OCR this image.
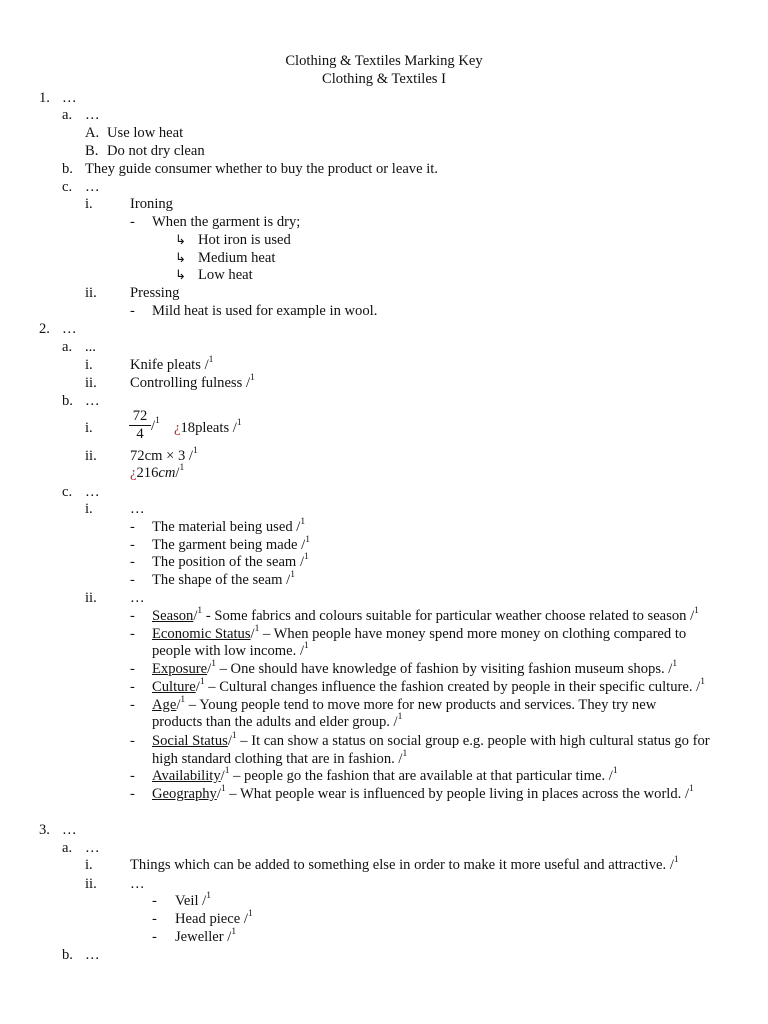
Clothing & Textiles Marking Key
Clothing & Textiles I
1. …
a. …
A. Use low heat
B. Do not dry clean
b. They guide consumer whether to buy the product or leave it.
c. …
i.	Ironing
- When the garment is dry;
↳ Hot iron is used
↳ Medium heat
↳ Low heat
ii. Pressing
- Mild heat is used for example in wool.
2. …
a. ...
i.	Knife pleats /$^1$
ii. Controlling fulness /$^1$
b. …
i. $\frac{72}{4} /^1$ ¿18pleats /$^1$
ii. 72cm × 3 /$^1$
¿216cm/$^1$
c. …
i.	…
- The material being used /$^1$
- The garment being made /$^1$
- The position of the seam /$^1$
- The shape of the seam /$^1$
ii. …
- Season/$^1$ - Some fabrics and colours suitable for particular weather choose related to season /$^1$
- Economic Status/$^1$ – When people have money spend more money on clothing compared to
people with low income. /$^1$
- Exposure/$^1$ – One should have knowledge of fashion by visiting fashion museum shops. /$^1$
- Culture/$^1$ – Cultural changes influence the fashion created by people in their specific culture. /$^1$
- Age/$^1$ – Young people tend to move more for new products and services. They try new
products than the adults and elder group. /$^1$
- Social Status/$^1$ – It can show a status on social group e.g. people with high cultural status go for
high standard clothing that are in fashion. /$^1$
- Availability/$^1$ – people go the fashion that are available at that particular time. /$^1$
- Geography/$^1$ – What people wear is influenced by people living in places across the world. /$^1$
3. …
a. …
i.	Things which can be added to something else in order to make it more useful and attractive. /$^1$
ii. …
- Veil /$^1$
- Head piece /$^1$
- Jeweller /$^1$
b. …
